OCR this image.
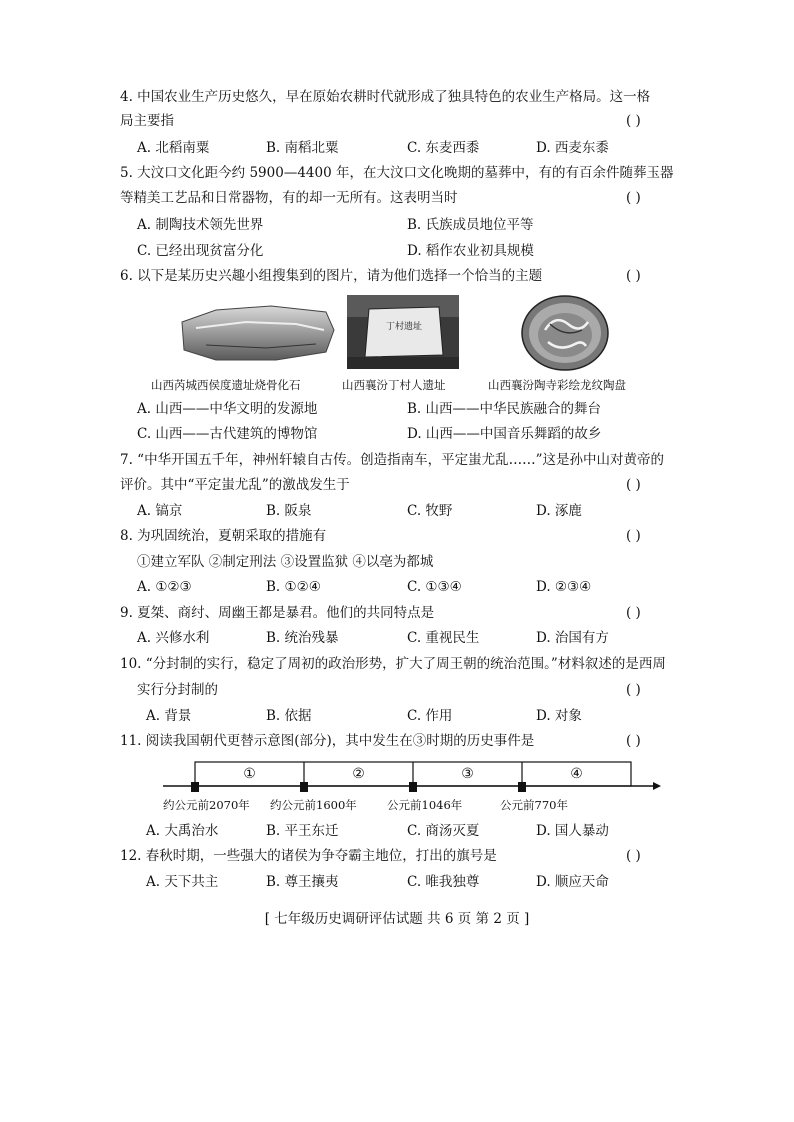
4. 中国农业生产历史悠久，早在原始农耕时代就形成了独具特色的农业生产格局。这一格
局主要指	( )
A. 北稻南粟	B. 南稻北粟	C. 东麦西黍	D. 西麦东黍
5. 大汶口文化距今约 5900—4400 年，在大汶口文化晚期的墓葬中，有的有百余件随葬玉器
等精美工艺品和日常器物，有的却一无所有。这表明当时	( )
A. 制陶技术领先世界	B. 氏族成员地位平等
C. 已经出现贫富分化	D. 稻作农业初具规模
6. 以下是某历史兴趣小组搜集到的图片，请为他们选择一个恰当的主题	( )
丁村遗址
山西芮城西侯度遗址烧骨化石	山西襄汾丁村人遗址	山西襄汾陶寺彩绘龙纹陶盘
A. 山西——中华文明的发源地	B. 山西——中华民族融合的舞台
C. 山西——古代建筑的博物馆	D. 山西——中国音乐舞蹈的故乡
7. “中华开国五千年，神州轩辕自古传。创造指南车，平定蚩尤乱……”这是孙中山对黄帝的
评价。其中“平定蚩尤乱”的激战发生于	( )
A. 镐京	B. 阪泉	C. 牧野	D. 涿鹿
8. 为巩固统治，夏朝采取的措施有	( )
①建立军队 ②制定刑法 ③设置监狱 ④以亳为都城
A. ①②③	B. ①②④	C. ①③④	D. ②③④
9. 夏桀、商纣、周幽王都是暴君。他们的共同特点是	( )
A. 兴修水利	B. 统治残暴	C. 重视民生	D. 治国有方
10. “分封制的实行，稳定了周初的政治形势，扩大了周王朝的统治范围。”材料叙述的是西周
实行分封制的	( )
A. 背景	B. 依据	C. 作用	D. 对象
11. 阅读我国朝代更替示意图(部分)，其中发生在③时期的历史事件是	( )
①	②	③	④
约公元前2070年 约公元前1600年	公元前1046年	公元前770年
A. 大禹治水	B. 平王东迁	C. 商汤灭夏	D. 国人暴动
12. 春秋时期，一些强大的诸侯为争夺霸主地位，打出的旗号是	( )
A. 天下共主	B. 尊王攘夷	C. 唯我独尊	D. 顺应天命
[ 七年级历史调研评估试题 共 6 页 第 2 页 ]
